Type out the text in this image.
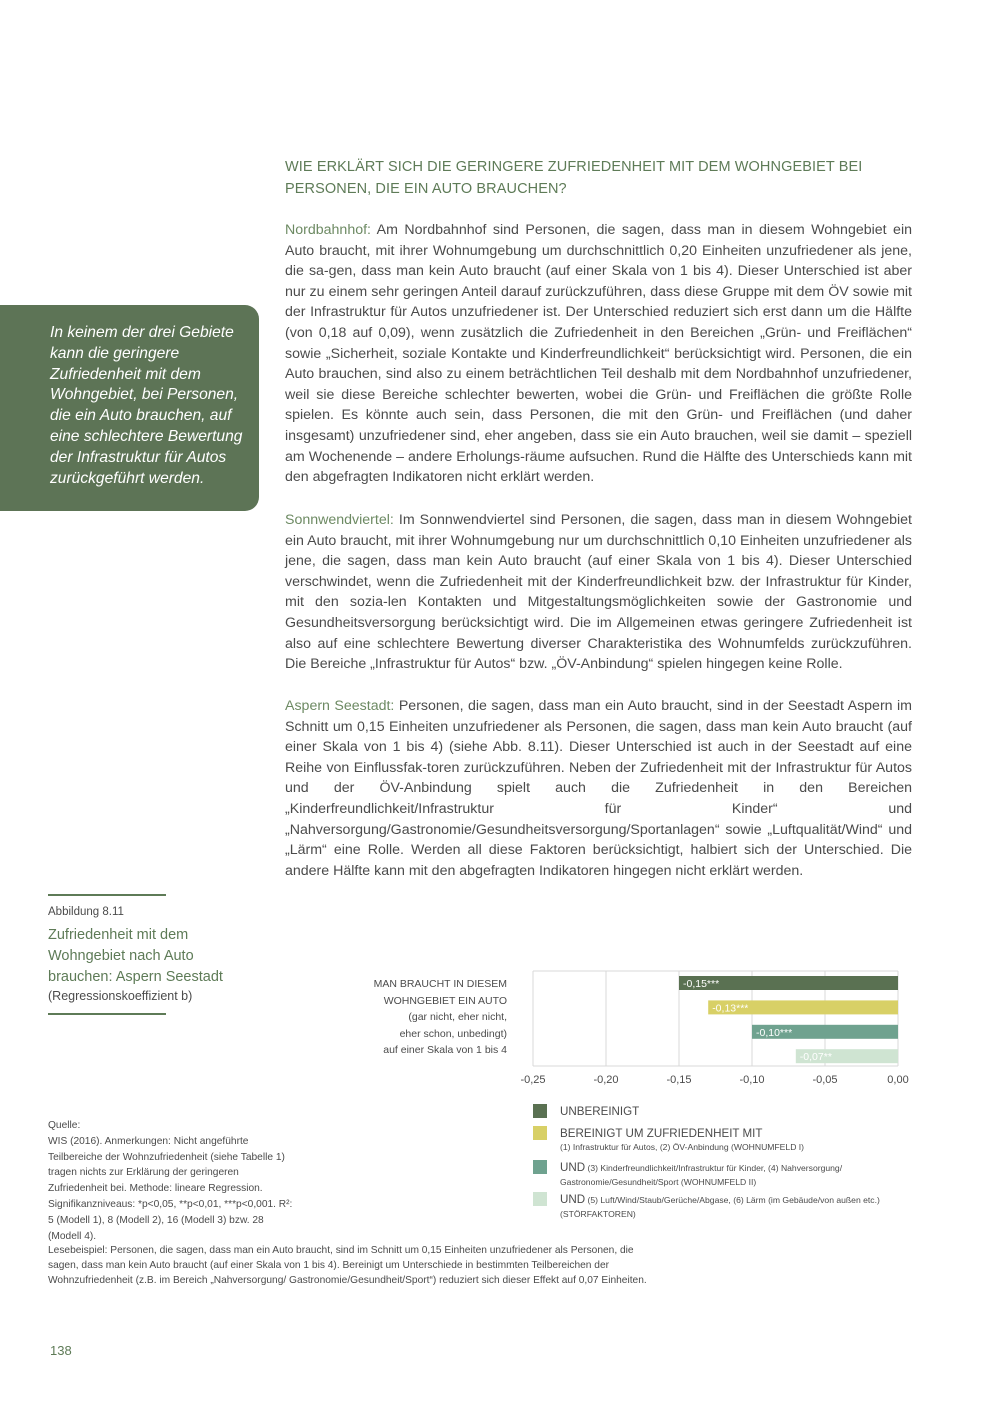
WIE ERKLÄRT SICH DIE GERINGERE ZUFRIEDENHEIT MIT DEM WOHNGEBIET BEI PERSONEN, DIE EIN AUTO BRAUCHEN?
Nordbahnhof: Am Nordbahnhof sind Personen, die sagen, dass man in diesem Wohngebiet ein Auto braucht, mit ihrer Wohnumgebung um durchschnittlich 0,20 Einheiten unzufriedener als jene, die sa-gen, dass man kein Auto braucht (auf einer Skala von 1 bis 4). Dieser Unterschied ist aber nur zu einem sehr geringen Anteil darauf zurückzuführen, dass diese Gruppe mit dem ÖV sowie mit der Infrastruktur für Autos unzufriedener ist. Der Unterschied reduziert sich erst dann um die Hälfte (von 0,18 auf 0,09), wenn zusätzlich die Zufriedenheit in den Bereichen „Grün- und Freiflächen“ sowie „Sicherheit, soziale Kontakte und Kinderfreundlichkeit“ berücksichtigt wird. Personen, die ein Auto brauchen, sind also zu einem beträchtlichen Teil deshalb mit dem Nordbahnhof unzufriedener, weil sie diese Bereiche schlechter bewerten, wobei die Grün- und Freiflächen die größte Rolle spielen. Es könnte auch sein, dass Personen, die mit den Grün- und Freiflächen (und daher insgesamt) unzufriedener sind, eher angeben, dass sie ein Auto brauchen, weil sie damit – speziell am Wochenende – andere Erholungs-räume aufsuchen. Rund die Hälfte des Unterschieds kann mit den abgefragten Indikatoren nicht erklärt werden.
Sonnwendviertel: Im Sonnwendviertel sind Personen, die sagen, dass man in diesem Wohngebiet ein Auto braucht, mit ihrer Wohnumgebung nur um durchschnittlich 0,10 Einheiten unzufriedener als jene, die sagen, dass man kein Auto braucht (auf einer Skala von 1 bis 4). Dieser Unterschied verschwindet, wenn die Zufriedenheit mit der Kinderfreundlichkeit bzw. der Infrastruktur für Kinder, mit den sozia-len Kontakten und Mitgestaltungsmöglichkeiten sowie der Gastronomie und Gesundheitsversorgung berücksichtigt wird. Die im Allgemeinen etwas geringere Zufriedenheit ist also auf eine schlechtere Bewertung diverser Charakteristika des Wohnumfelds zurückzuführen. Die Bereiche „Infrastruktur für Autos“ bzw. „ÖV-Anbindung“ spielen hingegen keine Rolle.
Aspern Seestadt: Personen, die sagen, dass man ein Auto braucht, sind in der Seestadt Aspern im Schnitt um 0,15 Einheiten unzufriedener als Personen, die sagen, dass man kein Auto braucht (auf einer Skala von 1 bis 4) (siehe Abb. 8.11). Dieser Unterschied ist auch in der Seestadt auf eine Reihe von Einflussfak-toren zurückzuführen. Neben der Zufriedenheit mit der Infrastruktur für Autos und der ÖV-Anbindung spielt auch die Zufriedenheit in den Bereichen „Kinderfreundlichkeit/Infrastruktur für Kinder“ und „Nahversorgung/Gastronomie/Gesundheitsversorgung/Sportanlagen“ sowie „Luftqualität/Wind“ und „Lärm“ eine Rolle. Werden all diese Faktoren berücksichtigt, halbiert sich der Unterschied. Die andere Hälfte kann mit den abgefragten Indikatoren hingegen nicht erklärt werden.
In keinem der drei Gebiete kann die geringere Zufriedenheit mit dem Wohngebiet, bei Personen, die ein Auto brauchen, auf eine schlechtere Bewertung der Infrastruktur für Autos zurückgeführt werden.
Abbildung 8.11
Zufriedenheit mit dem Wohngebiet nach Auto brauchen: Aspern Seestadt
(Regressionskoeffizient b)
MAN BRAUCHT IN DIESEM
WOHNGEBIET EIN AUTO
(gar nicht, eher nicht,
eher schon, unbedingt)
auf einer Skala von 1 bis 4
-0,25	-0,20	-0,15	-0,10	-0,05	0,00
-0,15***
-0,13***
-0,10***
-0,07**
UNBEREINIGT
BEREINIGT UM ZUFRIEDENHEIT MIT
(1) Infrastruktur für Autos, (2) ÖV-Anbindung (WOHNUMFELD I)
UND (3) Kinderfreundlichkeit/Infrastruktur für Kinder, (4) Nahversorgung/ Gastronomie/Gesundheit/Sport (WOHNUMFELD II)
UND (5) Luft/Wind/Staub/Gerüche/Abgase, (6) Lärm (im Gebäude/von außen etc.) (STÖRFAKTOREN)
Quelle:
WIS (2016). Anmerkungen: Nicht angeführte Teilbereiche der Wohnzufriedenheit (siehe Tabelle 1) tragen nichts zur Erklärung der geringeren Zufriedenheit bei. Methode: lineare Regression. Signifikanzniveaus: *p<0,05, **p<0,01, ***p<0,001. R²: 5 (Modell 1), 8 (Modell 2), 16 (Modell 3) bzw. 28 (Modell 4).
Lesebeispiel: Personen, die sagen, dass man ein Auto braucht, sind im Schnitt um 0,15 Einheiten unzufriedener als Personen, die sagen, dass man kein Auto braucht (auf einer Skala von 1 bis 4). Bereinigt um Unterschiede in bestimmten Teilbereichen der Wohnzufriedenheit (z.B. im Bereich „Nahversorgung/ Gastronomie/Gesundheit/Sport“) reduziert sich dieser Effekt auf 0,07 Einheiten.
138
